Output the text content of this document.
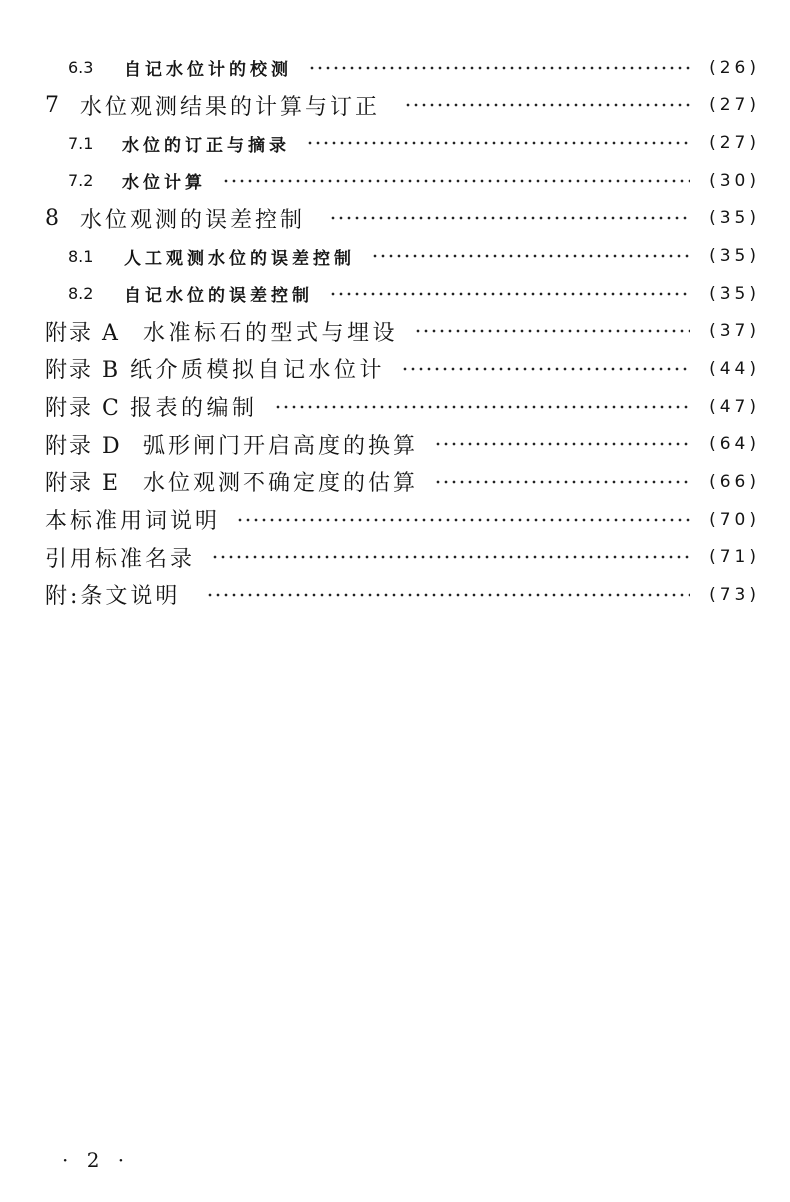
6.3	自记水位计的校测	(26)
7 水位观测结果的计算与订正	(27)
7.1	水位的订正与摘录	(27)
7.2	水位计算	(30)
8 水位观测的误差控制	(35)
8.1	人工观测水位的误差控制	(35)
8.2	自记水位的误差控制	(35)
附录 A	水准标石的型式与埋设	(37)
附录 B 纸介质模拟自记水位计	(44)
附录 C 报表的编制	(47)
附录 D 弧形闸门开启高度的换算	(64)
附录 E	水位观测不确定度的估算	(66)
本标准用词说明	(70)
引用标准名录	(71)
附:条文说明	(73)
· 2 ·
